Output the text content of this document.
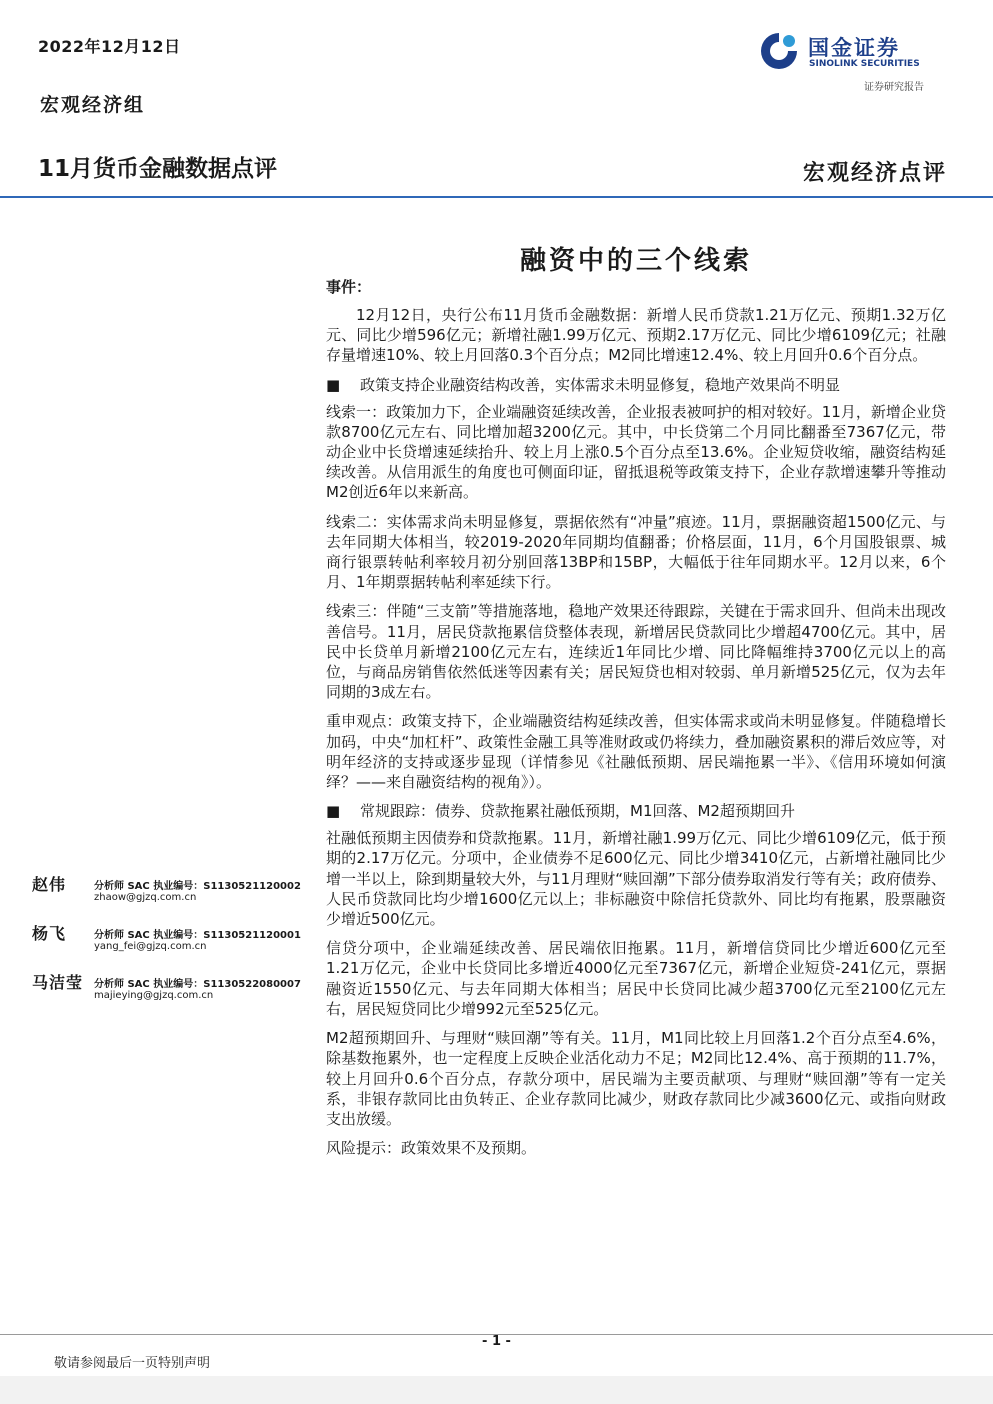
2022年12月12日
宏观经济组
11月货币金融数据点评
国金证券
SINOLINK SECURITIES
证券研究报告
宏观经济点评
融资中的三个线索

事件：

12月12日，央行公布11月货币金融数据：新增人民币贷款1.21万亿元、预期1.32万亿元、同比少增596亿元；新增社融1.99万亿元、预期2.17万亿元、同比少增6109亿元；社融存量增速10%、较上月回落0.3个百分点；M2同比增速12.4%、较上月回升0.6个百分点。

■	政策支持企业融资结构改善，实体需求未明显修复，稳地产效果尚不明显

线索一：政策加力下，企业端融资延续改善，企业报表被呵护的相对较好。11月，新增企业贷款8700亿元左右、同比增加超3200亿元。其中，中长贷第二个月同比翻番至7367亿元，带动企业中长贷增速延续抬升、较上月上涨0.5个百分点至13.6%。企业短贷收缩，融资结构延续改善。从信用派生的角度也可侧面印证，留抵退税等政策支持下，企业存款增速攀升等推动M2创近6年以来新高。

线索二：实体需求尚未明显修复，票据依然有“冲量”痕迹。11月，票据融资超1500亿元、与去年同期大体相当，较2019-2020年同期均值翻番；价格层面，11月，6个月国股银票、城商行银票转帖利率较月初分别回落13BP和15BP，大幅低于往年同期水平。12月以来，6个月、1年期票据转帖利率延续下行。

线索三：伴随“三支箭”等措施落地，稳地产效果还待跟踪，关键在于需求回升、但尚未出现改善信号。11月，居民贷款拖累信贷整体表现，新增居民贷款同比少增超4700亿元。其中，居民中长贷单月新增2100亿元左右，连续近1年同比少增、同比降幅维持3700亿元以上的高位，与商品房销售依然低迷等因素有关；居民短贷也相对较弱、单月新增525亿元，仅为去年同期的3成左右。

重申观点：政策支持下，企业端融资结构延续改善，但实体需求或尚未明显修复。伴随稳增长加码，中央“加杠杆”、政策性金融工具等准财政或仍将续力，叠加融资累积的滞后效应等，对明年经济的支持或逐步显现（详情参见《社融低预期、居民端拖累一半》、《信用环境如何演绎？——来自融资结构的视角》）。

■	常规跟踪：债券、贷款拖累社融低预期，M1回落、M2超预期回升

社融低预期主因债券和贷款拖累。11月，新增社融1.99万亿元、同比少增6109亿元，低于预期的2.17万亿元。分项中，企业债券不足600亿元、同比少增3410亿元，占新增社融同比少增一半以上，除到期量较大外，与11月理财“赎回潮”下部分债券取消发行等有关；政府债券、人民币贷款同比均少增1600亿元以上；非标融资中除信托贷款外、同比均有拖累，股票融资少增近500亿元。

信贷分项中，企业端延续改善、居民端依旧拖累。11月，新增信贷同比少增近600亿元至1.21万亿元，企业中长贷同比多增近4000亿元至7367亿元，新增企业短贷-241亿元，票据融资近1550亿元、与去年同期大体相当；居民中长贷同比减少超3700亿元至2100亿元左右，居民短贷同比少增992元至525亿元。

M2超预期回升、与理财“赎回潮”等有关。11月，M1同比较上月回落1.2个百分点至4.6%，除基数拖累外，也一定程度上反映企业活化动力不足；M2同比12.4%、高于预期的11.7%，较上月回升0.6个百分点，存款分项中，居民端为主要贡献项、与理财“赎回潮”等有一定关系，非银存款同比由负转正、企业存款同比减少，财政存款同比少减3600亿元、或指向财政支出放缓。

风险提示：政策效果不及预期。

赵伟	分析师 SAC 执业编号：S1130521120002
zhaow@gjzq.com.cn
杨飞	分析师 SAC 执业编号：S1130521120001
yang_fei@gjzq.com.cn
马洁莹 分析师 SAC 执业编号：S1130522080007
majieying@gjzq.com.cn
- 1 -
敬请参阅最后一页特别声明
